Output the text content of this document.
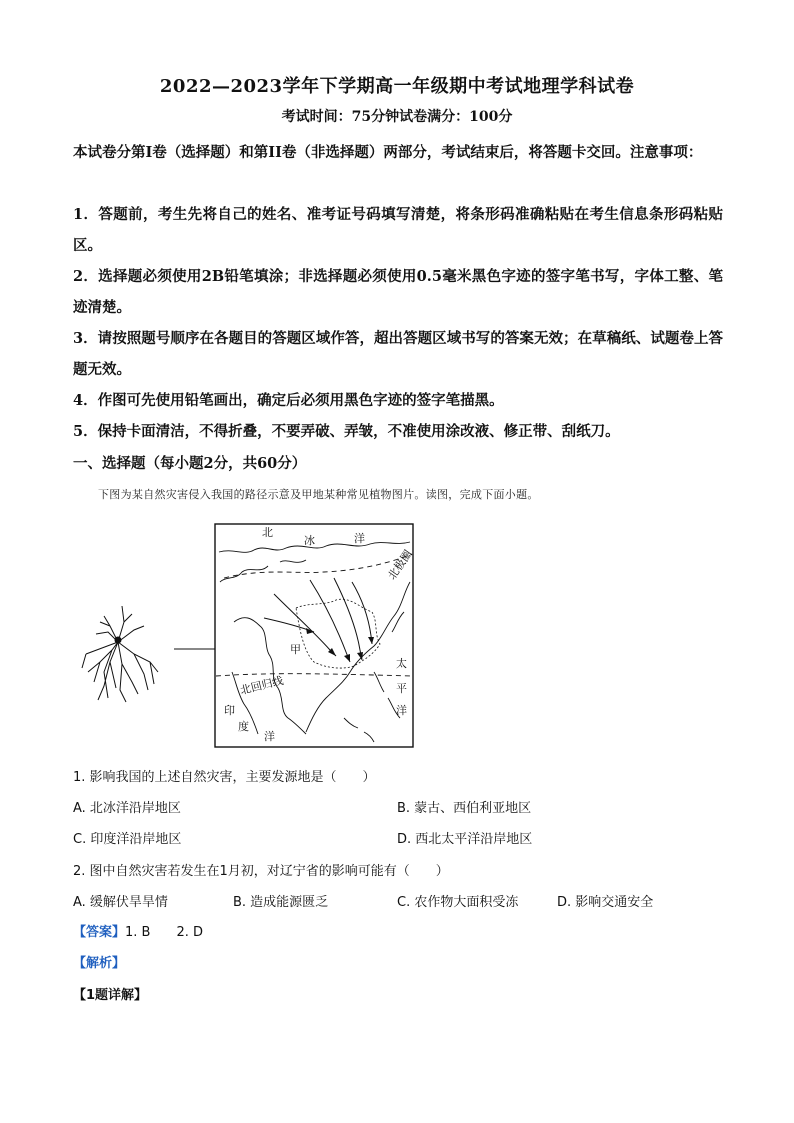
2022—2023学年下学期高一年级期中考试地理学科试卷
考试时间：75分钟试卷满分：100分
本试卷分第Ⅰ卷（选择题）和第II卷（非选择题）两部分，考试结束后，将答题卡交回。注意事项：
1．答题前，考生先将自己的姓名、准考证号码填写清楚，将条形码准确粘贴在考生信息条形码粘贴区。
2．选择题必须使用2B铅笔填涂；非选择题必须使用0.5毫米黑色字迹的签字笔书写，字体工整、笔迹清楚。
3．请按照题号顺序在各题目的答题区域作答，超出答题区域书写的答案无效；在草稿纸、试题卷上答题无效。
4．作图可先使用铅笔画出，确定后必须用黑色字迹的签字笔描黑。
5．保持卡面清洁，不得折叠，不要弄破、弄皱，不准使用涂改液、修正带、刮纸刀。
一、选择题（每小题2分，共60分）
下图为某自然灾害侵入我国的路径示意及甲地某种常见植物图片。读图，完成下面小题。
北
冰	洋
北极圈
甲
北回归线
太
平
洋
印
度
洋
1. 影响我国的上述自然灾害，主要发源地是（　　）
A. 北冰洋沿岸地区	B. 蒙古、西伯利亚地区
C. 印度洋沿岸地区	D. 西北太平洋沿岸地区
2. 图中自然灾害若发生在1月初，对辽宁省的影响可能有（　　）
A. 缓解伏旱旱情	B. 造成能源匮乏	C. 农作物大面积受冻	D. 影响交通安全
【答案】1. B　　2. D
【解析】
【1题详解】
